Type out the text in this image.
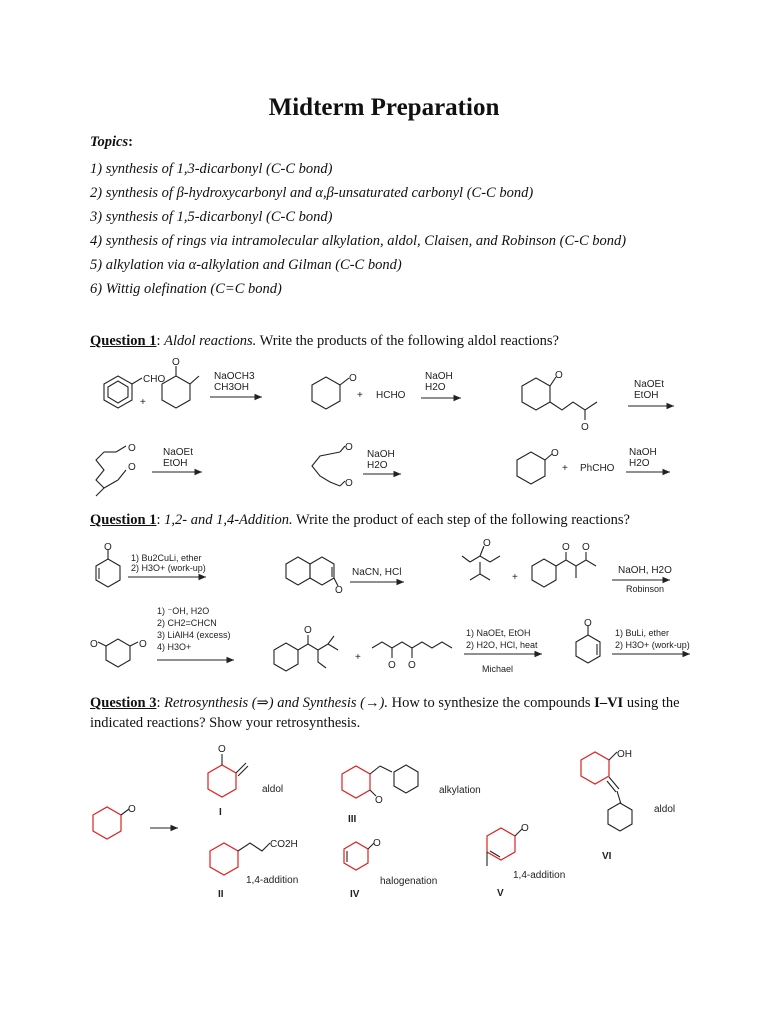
Midterm Preparation
Topics:
1) synthesis of 1,3-dicarbonyl (C-C bond)
2) synthesis of β-hydroxycarbonyl and α,β-unsaturated carbonyl (C-C bond)
3) synthesis of 1,5-dicarbonyl (C-C bond)
4) synthesis of rings via intramolecular alkylation, aldol, Claisen, and Robinson (C-C bond)
5) alkylation via α-alkylation and Gilman (C-C bond)
6) Wittig olefination (C=C bond)
Question 1: Aldol reactions. Write the products of the following aldol reactions?
Question 1: 1,2- and 1,4-Addition. Write the product of each step of the following reactions?
Question 3: Retrosynthesis (⇒) and Synthesis (→). How to synthesize the compounds I–VI using the indicated reactions? Show your retrosynthesis.
CHO
+
O
NaOCH3
CH3OH
O
+ HCHO
NaOH
H2O
O
O
NaOEt
EtOH
O
O
NaOEt
EtOH
O
O
NaOH
H2O
O
+ PhCHO
NaOH
H2O
O
1) Bu2CuLi, ether
2) H3O+ (work-up)
O
NaCN, HCl
O
+
O O
NaOH, H2O
Robinson
1) ⁻OH, H2O
2) CH2=CHCN
3) LiAlH4 (excess)
4) H3O+
O	O
O
+
O O
1) NaOEt, EtOH
2) H2O, HCl, heat
Michael
O
1) BuLi, ether
2) H3O+ (work-up)
O
O
aldol
I
CO2H
1,4-addition
II
O
alkylation
III
O
halogenation
IV
O
1,4-addition
V
OH
aldol
VI
